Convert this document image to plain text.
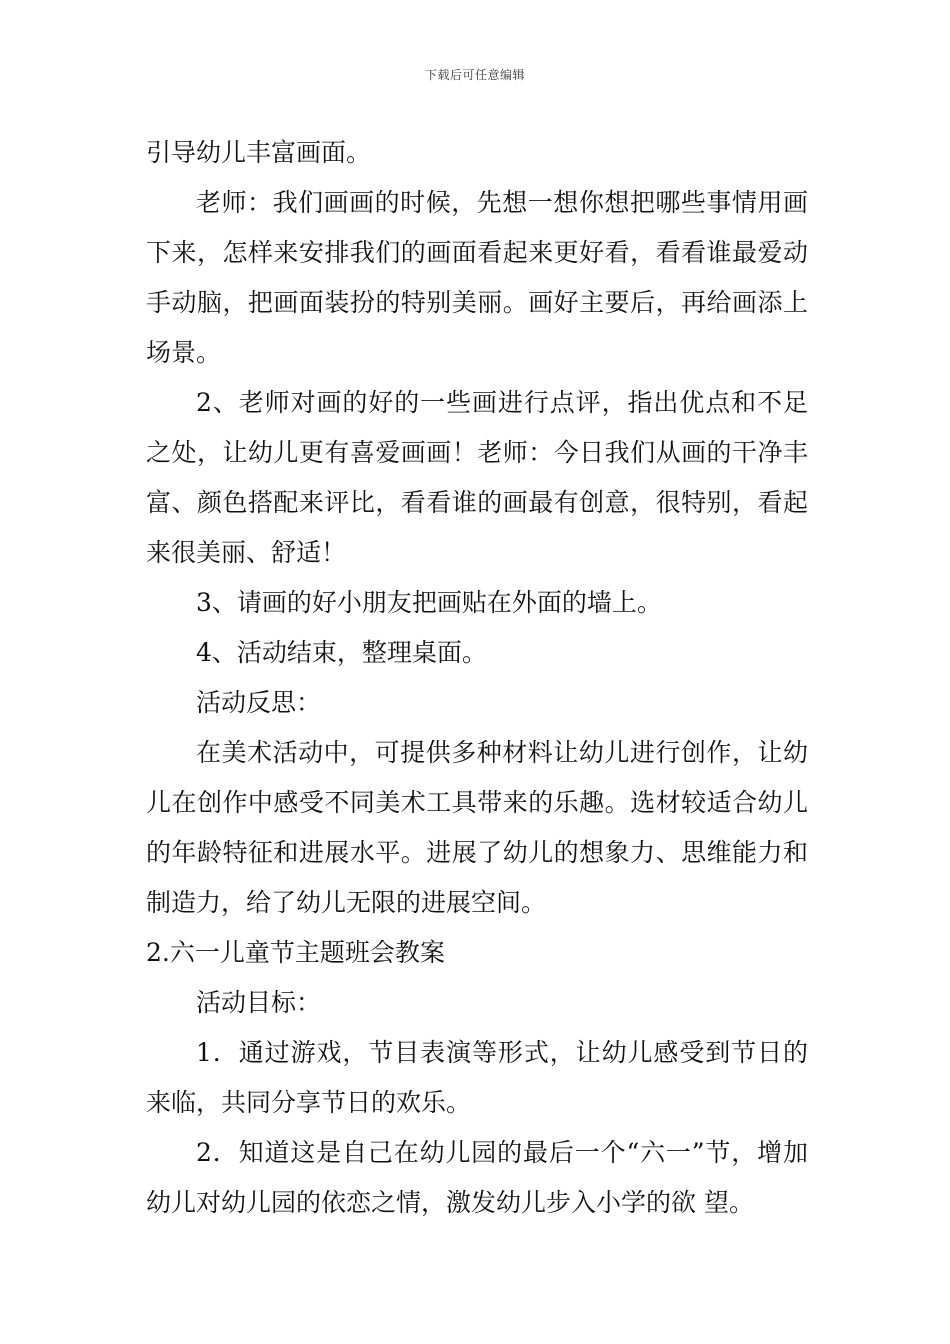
下载后可任意编辑

引导幼儿丰富画面。

老师：我们画画的时候，先想一想你想把哪些事情用画下来，怎样来安排我们的画面看起来更好看，看看谁最爱动手动脑，把画面装扮的特别美丽。画好主要后，再给画添上场景。

2、老师对画的好的一些画进行点评，指出优点和不足之处，让幼儿更有喜爱画画！老师：今日我们从画的干净丰富、颜色搭配来评比，看看谁的画最有创意，很特别，看起来很美丽、舒适！

3、请画的好小朋友把画贴在外面的墙上。

4、活动结束，整理桌面。

活动反思：

在美术活动中，可提供多种材料让幼儿进行创作，让幼儿在创作中感受不同美术工具带来的乐趣。选材较适合幼儿的年龄特征和进展水平。进展了幼儿的想象力、思维能力和制造力，给了幼儿无限的进展空间。

2.六一儿童节主题班会教案

活动目标：

1．通过游戏，节目表演等形式，让幼儿感受到节日的来临，共同分享节日的欢乐。

2．知道这是自己在幼儿园的最后一个“六一”节，增加幼儿对幼儿园的依恋之情，激发幼儿步入小学的欲 望。
